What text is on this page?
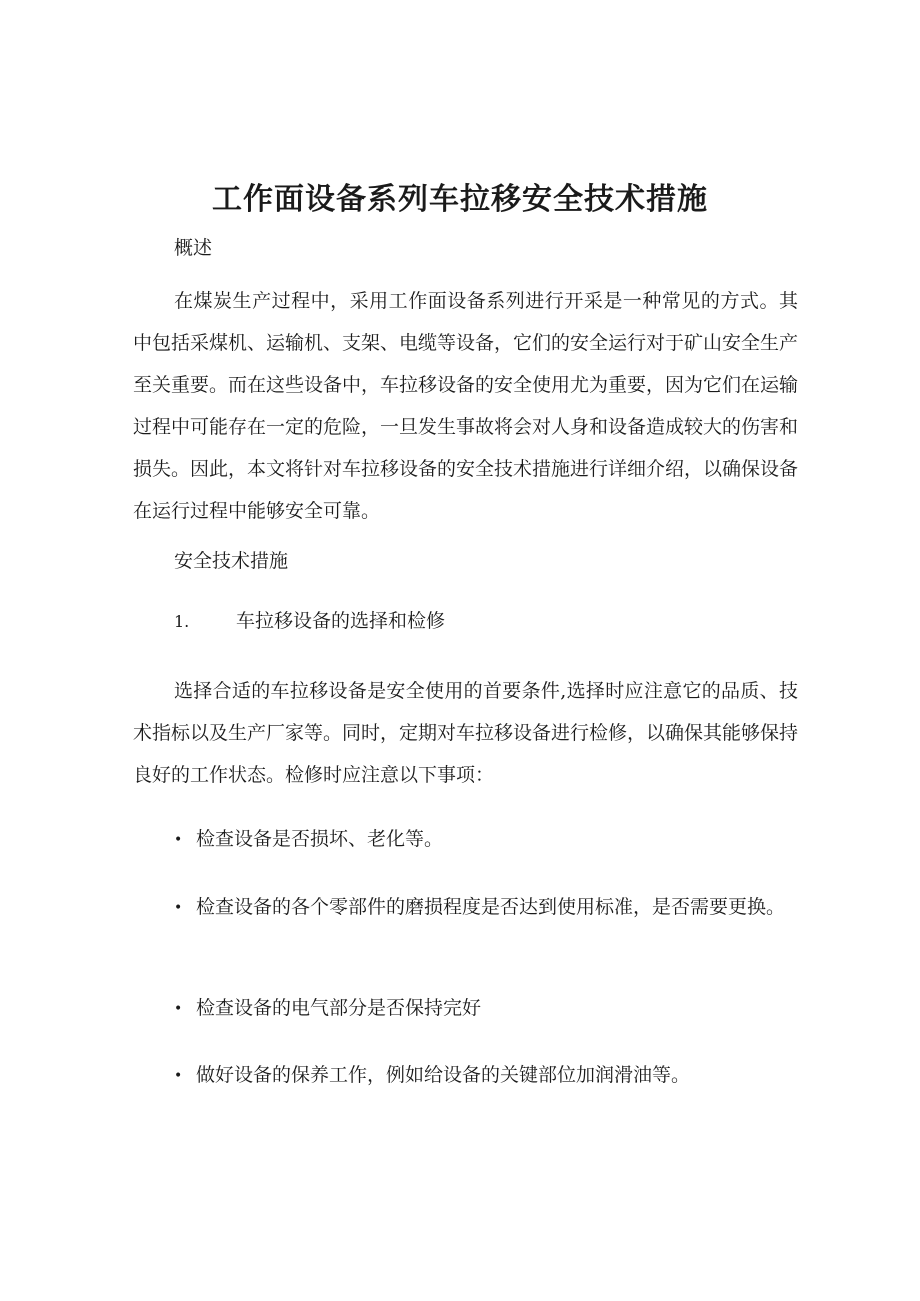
工作面设备系列车拉移安全技术措施

概述

在煤炭生产过程中，采用工作面设备系列进行开采是一种常见的方式。其中包括采煤机、运输机、支架、电缆等设备，它们的安全运行对于矿山安全生产至关重要。而在这些设备中，车拉移设备的安全使用尤为重要，因为它们在运输过程中可能存在一定的危险，一旦发生事故将会对人身和设备造成较大的伤害和损失。因此，本文将针对车拉移设备的安全技术措施进行详细介绍，以确保设备在运行过程中能够安全可靠。

安全技术措施

1. 车拉移设备的选择和检修

选择合适的车拉移设备是安全使用的首要条件,选择时应注意它的品质、技术指标以及生产厂家等。同时，定期对车拉移设备进行检修，以确保其能够保持良好的工作状态。检修时应注意以下事项：

• 检查设备是否损坏、老化等。

• 检查设备的各个零部件的磨损程度是否达到使用标准，是否需要更换。

• 检查设备的电气部分是否保持完好

• 做好设备的保养工作，例如给设备的关键部位加润滑油等。
